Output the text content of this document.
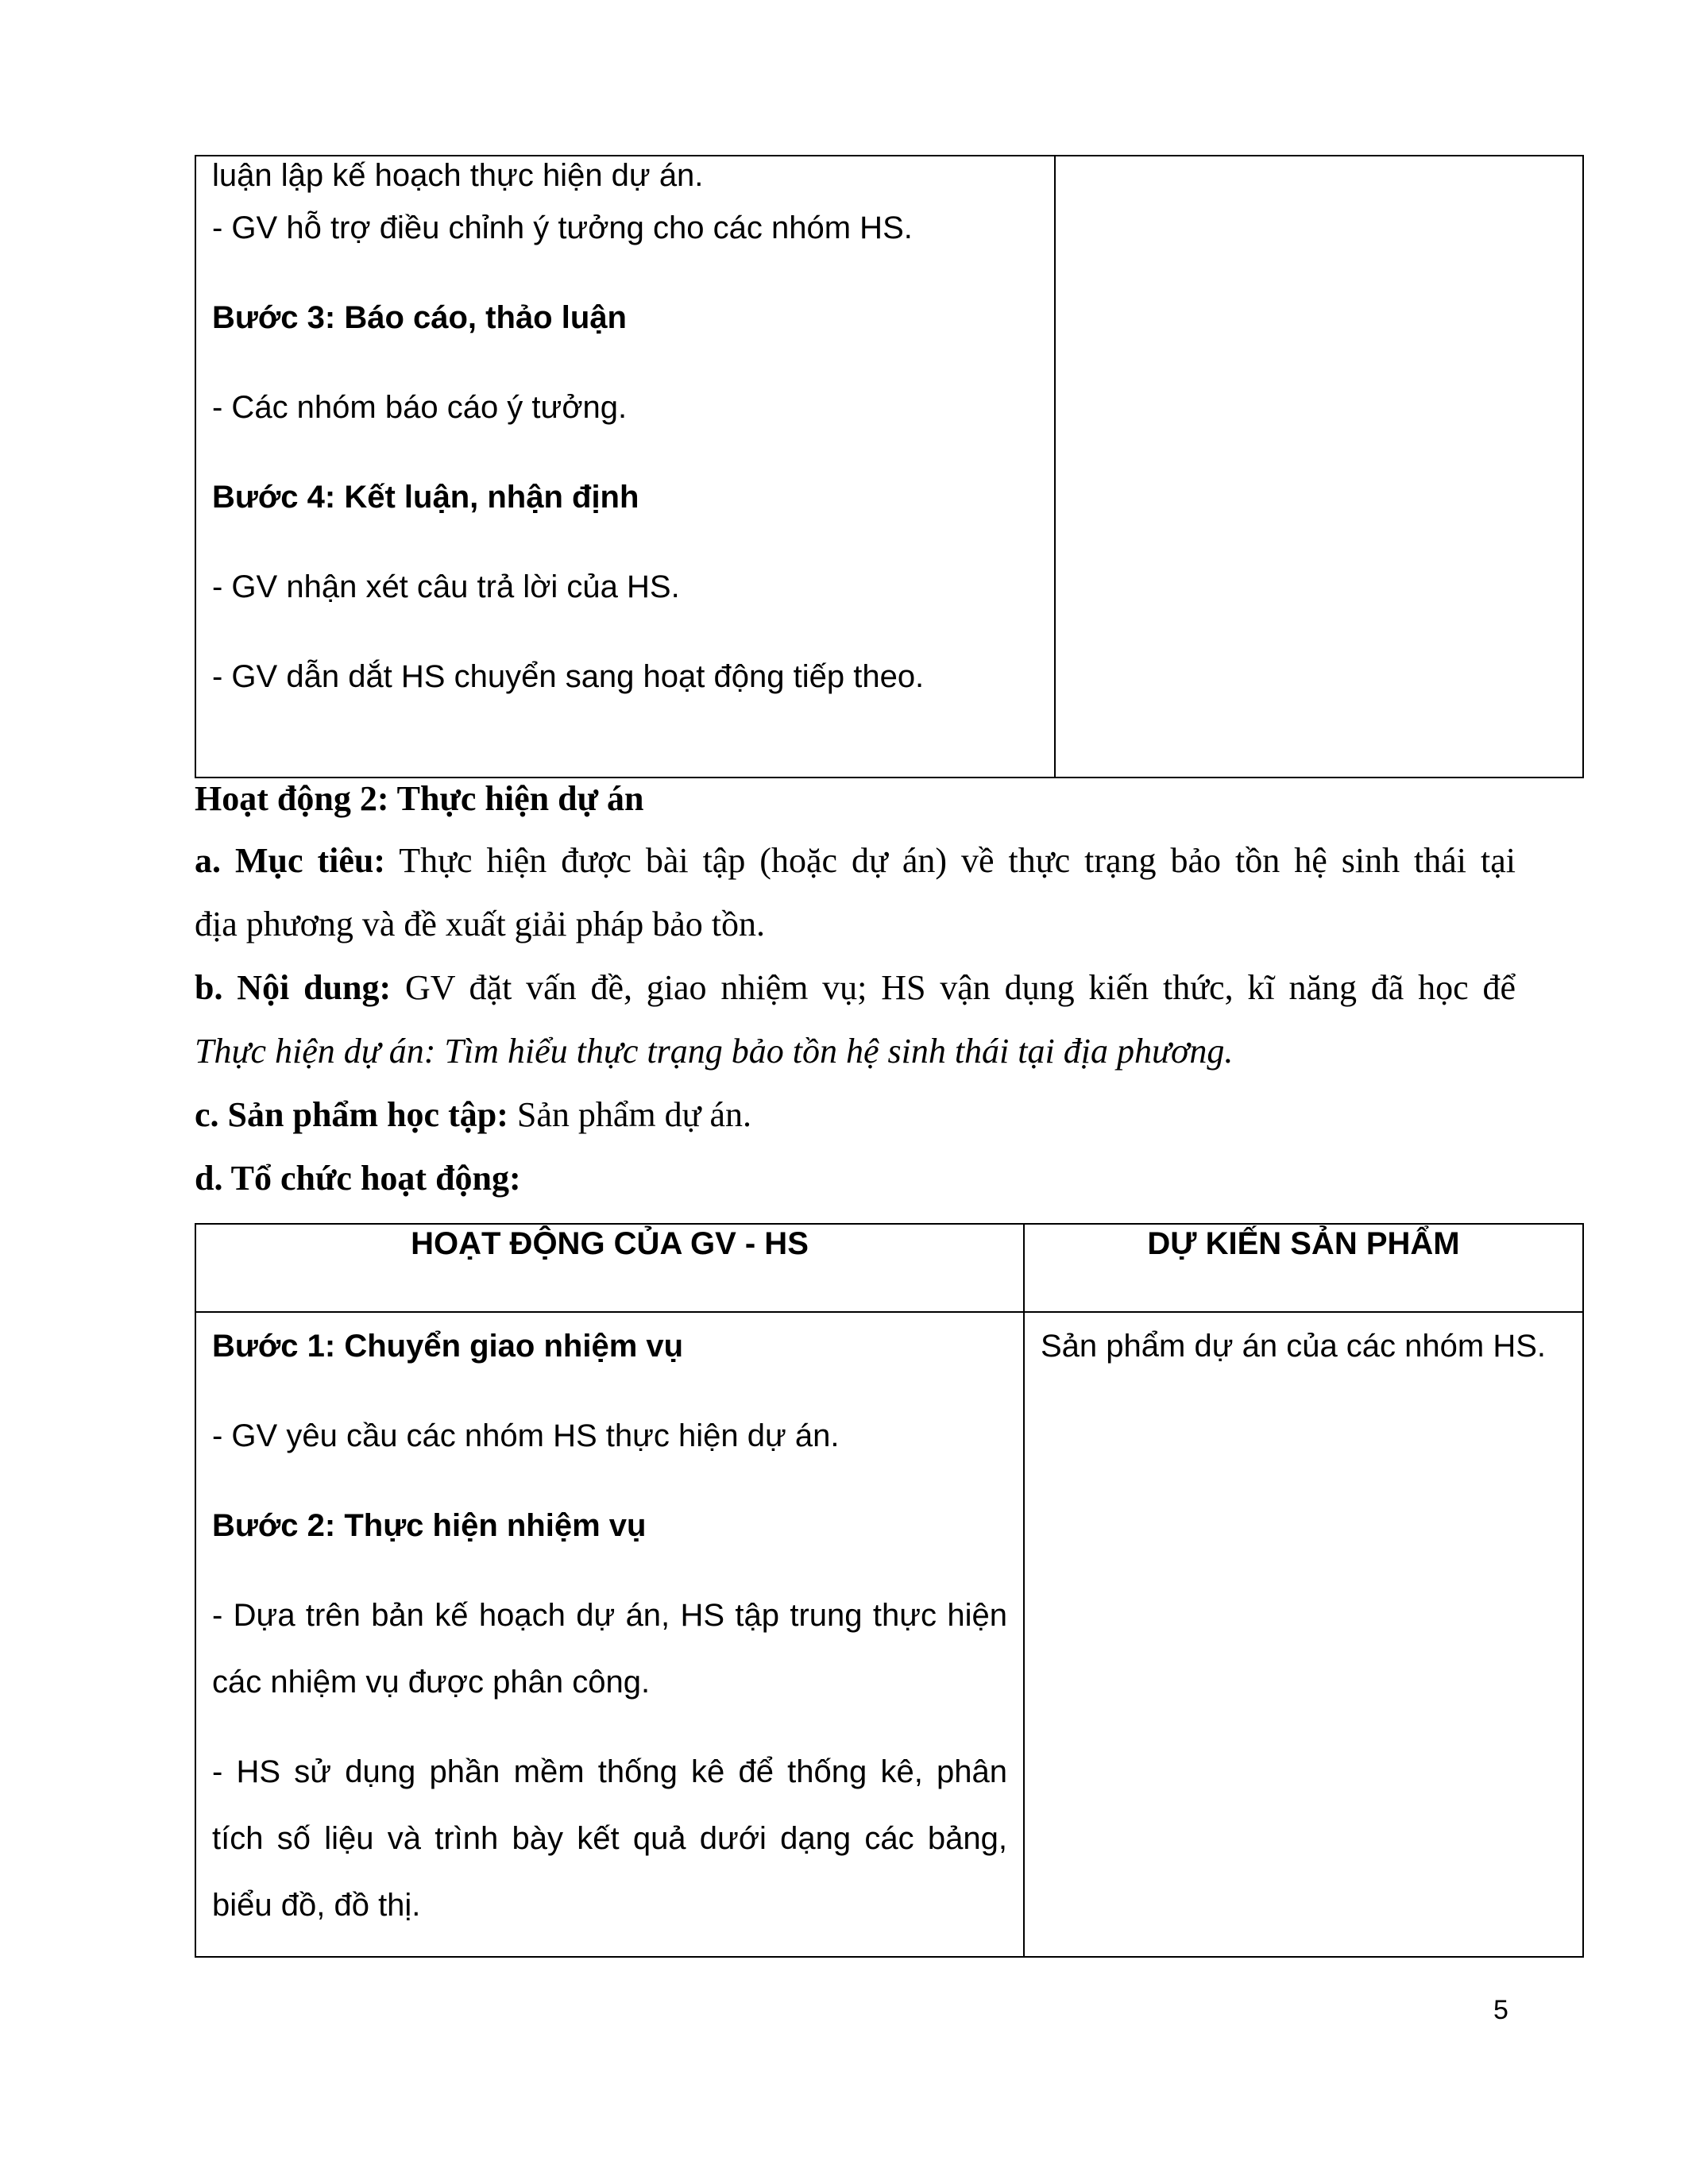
luận lập kế hoạch thực hiện dự án.

- GV hỗ trợ điều chỉnh ý tưởng cho các nhóm HS.

Bước 3: Báo cáo, thảo luận

- Các nhóm báo cáo ý tưởng.

Bước 4: Kết luận, nhận định

- GV nhận xét câu trả lời của HS.

- GV dẫn dắt HS chuyển sang hoạt động tiếp theo.

Hoạt động 2: Thực hiện dự án

a. Mục tiêu: Thực hiện được bài tập (hoặc dự án) về thực trạng bảo tồn hệ sinh thái tại

địa phương và đề xuất giải pháp bảo tồn.

b. Nội dung: GV đặt vấn đề, giao nhiệm vụ; HS vận dụng kiến thức, kĩ năng đã học để

Thực hiện dự án: Tìm hiểu thực trạng bảo tồn hệ sinh thái tại địa phương.

c. Sản phẩm học tập: Sản phẩm dự án.

d. Tổ chức hoạt động:

HOẠT ĐỘNG CỦA GV - HS	DỰ KIẾN SẢN PHẨM

Bước 1: Chuyển giao nhiệm vụ

- GV yêu cầu các nhóm HS thực hiện dự án.

Bước 2: Thực hiện nhiệm vụ

- Dựa trên bản kế hoạch dự án, HS tập trung thực hiện các nhiệm vụ được phân công.

- HS sử dụng phần mềm thống kê để thống kê, phân tích số liệu và trình bày kết quả dưới dạng các bảng, biểu đồ, đồ thị.	Sản phẩm dự án của các nhóm HS.

5
